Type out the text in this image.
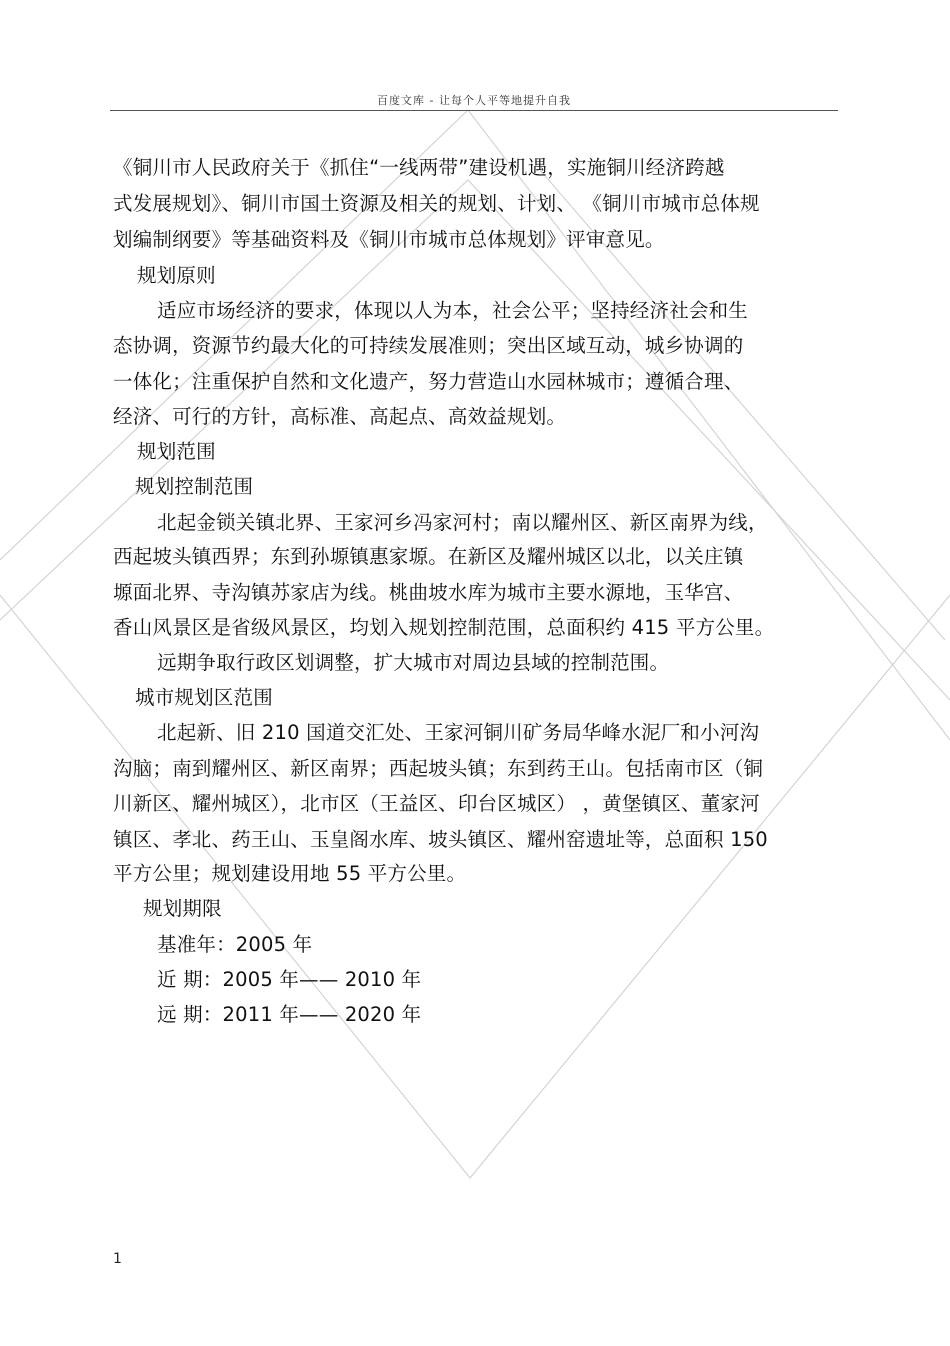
百度文库 - 让每个人平等地提升自我
《铜川市人民政府关于《抓住“一线两带”建设机遇，实施铜川经济跨越
式发展规划》、铜川市国土资源及相关的规划、计划、 《铜川市城市总体规
划编制纲要》等基础资料及《铜川市城市总体规划》评审意见。
规划原则
适应市场经济的要求，体现以人为本，社会公平；坚持经济社会和生
态协调，资源节约最大化的可持续发展准则；突出区域互动，城乡协调的
一体化；注重保护自然和文化遗产，努力营造山水园林城市；遵循合理、
经济、可行的方针，高标准、高起点、高效益规划。
规划范围
规划控制范围
北起金锁关镇北界、王家河乡冯家河村；南以耀州区、新区南界为线，
西起坡头镇西界；东到孙塬镇惠家塬。在新区及耀州城区以北，以关庄镇
塬面北界、寺沟镇苏家店为线。桃曲坡水库为城市主要水源地，玉华宫、
香山风景区是省级风景区，均划入规划控制范围，总面积约 415 平方公里。
远期争取行政区划调整，扩大城市对周边县域的控制范围。
城市规划区范围
北起新、旧 210 国道交汇处、王家河铜川矿务局华峰水泥厂和小河沟
沟脑；南到耀州区、新区南界；西起坡头镇；东到药王山。包括南市区（铜
川新区、耀州城区），北市区（王益区、印台区城区） ，黄堡镇区、董家河
镇区、孝北、药王山、玉皇阁水库、坡头镇区、耀州窑遗址等，总面积 150
平方公里；规划建设用地 55 平方公里。
规划期限
基准年：2005 年
近 期：2005 年—— 2010 年
远 期：2011 年—— 2020 年
1
